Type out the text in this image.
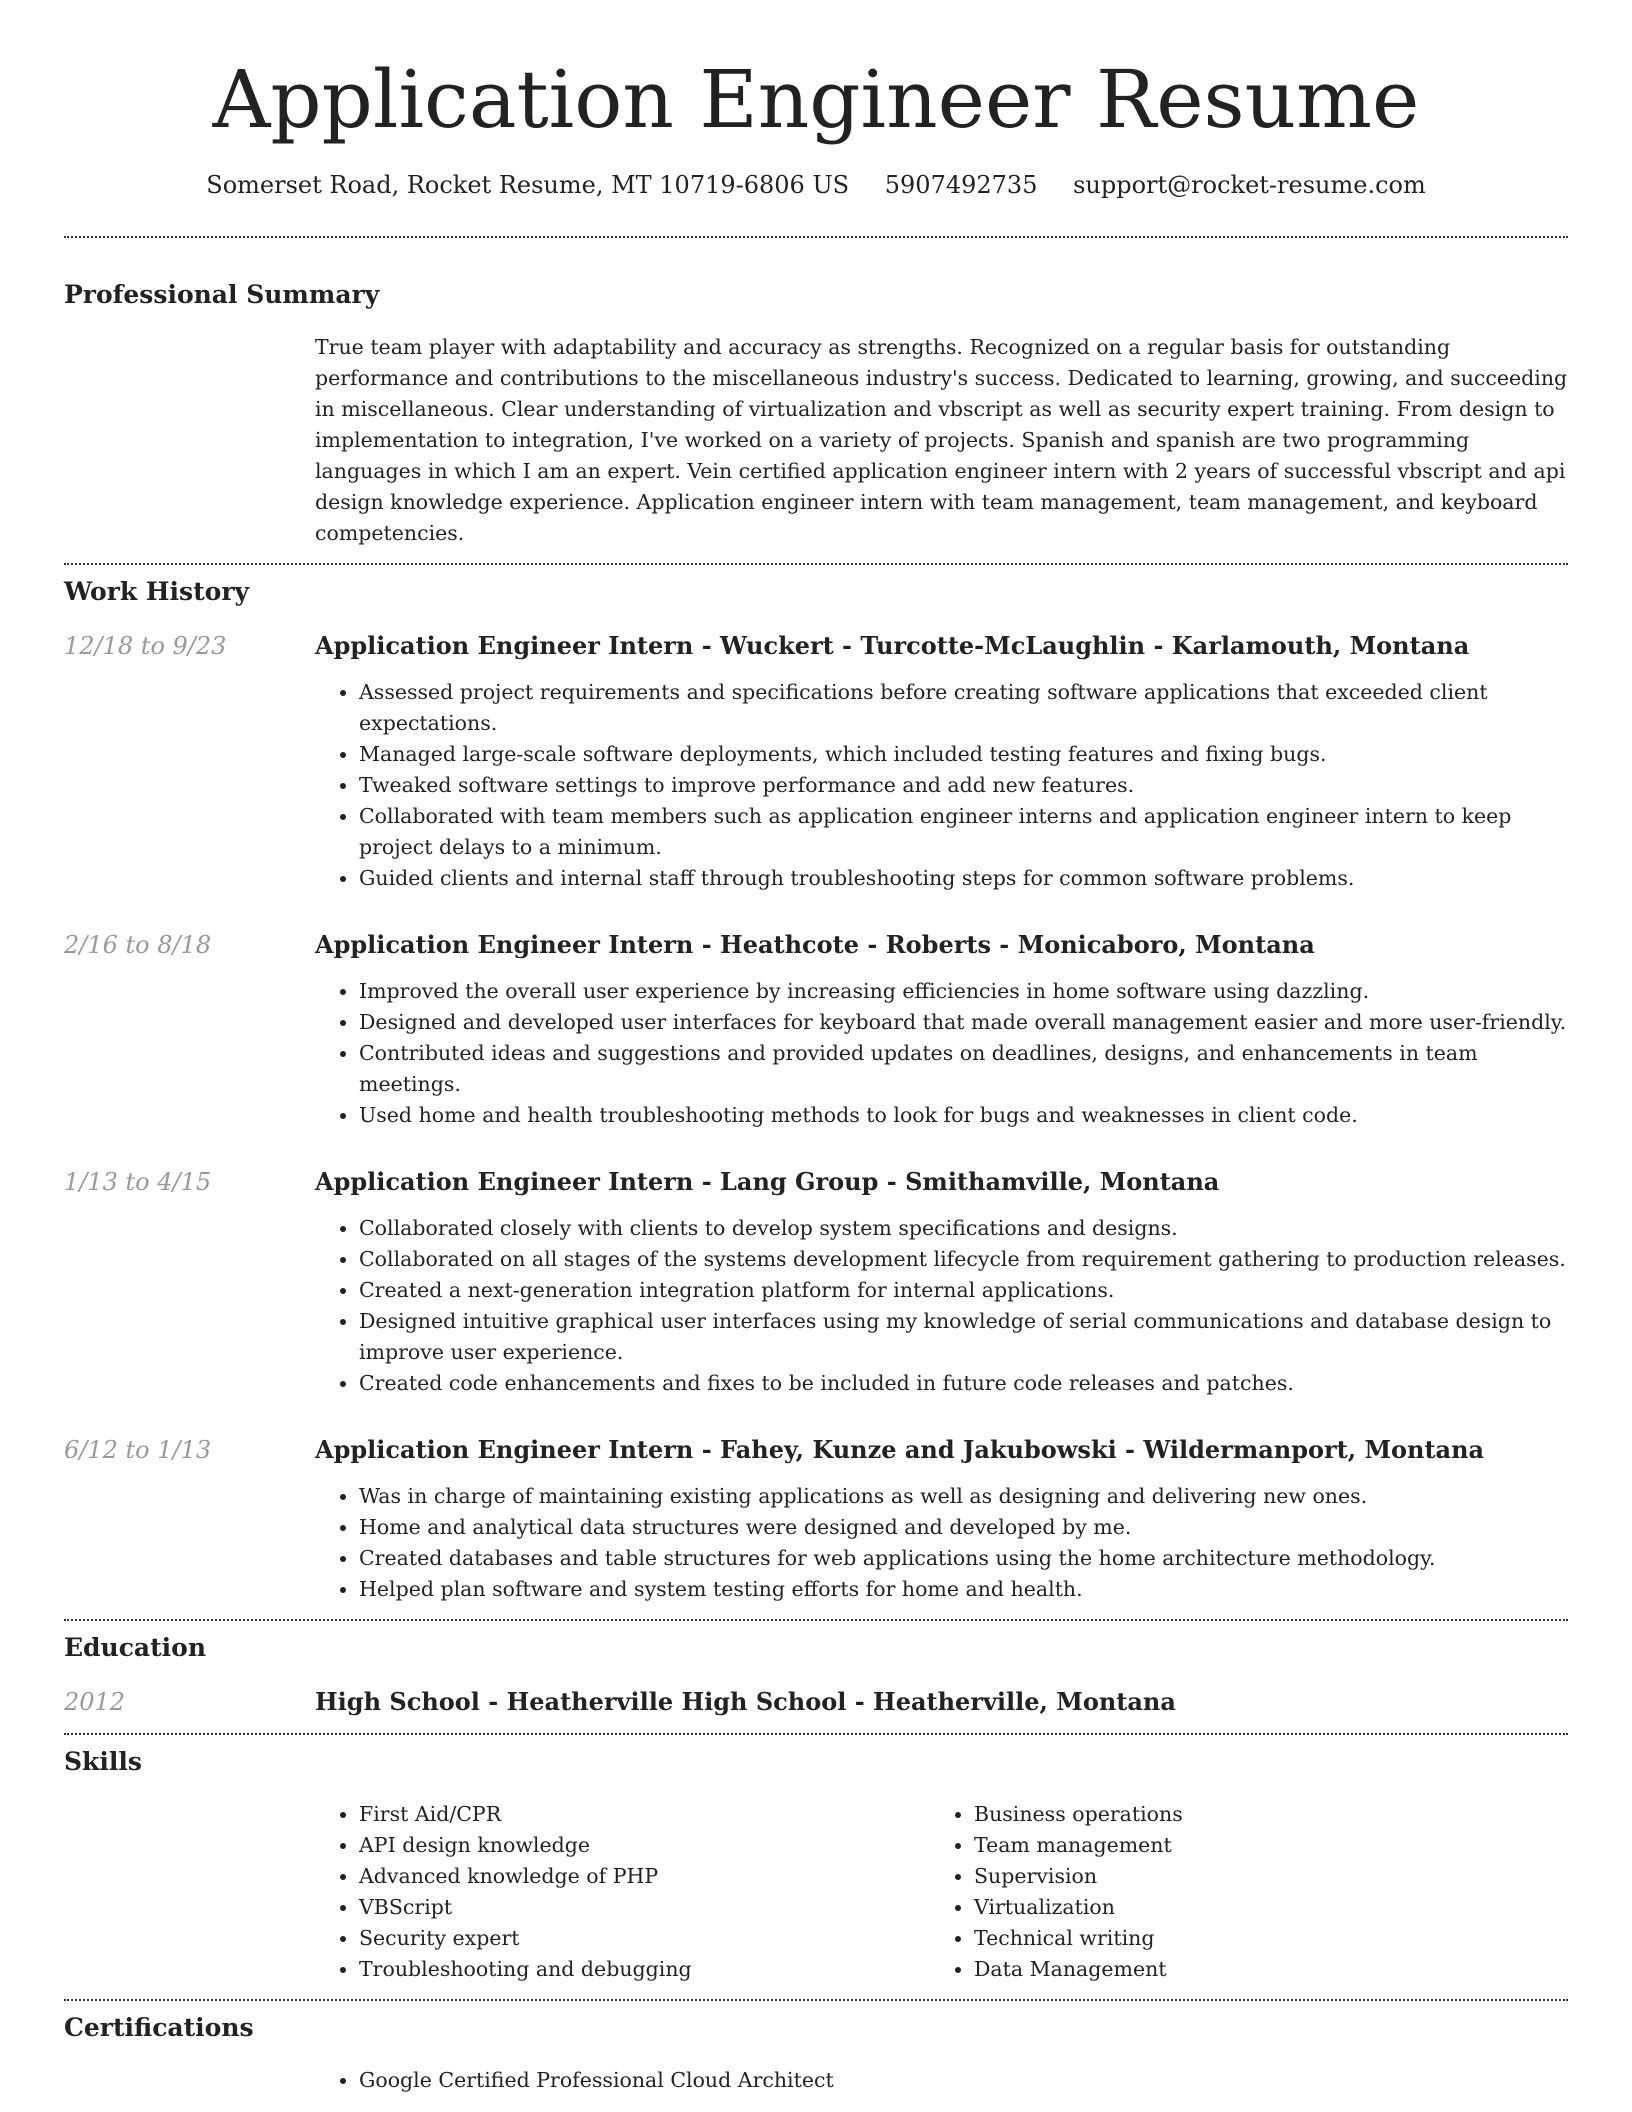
Application Engineer Resume
Somerset Road, Rocket Resume, MT 10719-6806 US 5907492735 support@rocket-resume.com
Professional Summary

True team player with adaptability and accuracy as strengths. Recognized on a regular basis for outstanding performance and contributions to the miscellaneous industry's success. Dedicated to learning, growing, and succeeding in miscellaneous. Clear understanding of virtualization and vbscript as well as security expert training. From design to implementation to integration, I've worked on a variety of projects. Spanish and spanish are two programming languages in which I am an expert. Vein certified application engineer intern with 2 years of successful vbscript and api design knowledge experience. Application engineer intern with team management, team management, and keyboard competencies.

Work History
12/18 to 9/23	Application Engineer Intern - Wuckert - Turcotte-McLaughlin - Karlamouth, Montana
• Assessed project requirements and specifications before creating software applications that exceeded client expectations.
• Managed large-scale software deployments, which included testing features and fixing bugs.
• Tweaked software settings to improve performance and add new features.
• Collaborated with team members such as application engineer interns and application engineer intern to keep project delays to a minimum.
• Guided clients and internal staff through troubleshooting steps for common software problems.
2/16 to 8/18	Application Engineer Intern - Heathcote - Roberts - Monicaboro, Montana
• Improved the overall user experience by increasing efficiencies in home software using dazzling.
• Designed and developed user interfaces for keyboard that made overall management easier and more user-friendly.
• Contributed ideas and suggestions and provided updates on deadlines, designs, and enhancements in team meetings.
• Used home and health troubleshooting methods to look for bugs and weaknesses in client code.
1/13 to 4/15	Application Engineer Intern - Lang Group - Smithamville, Montana
• Collaborated closely with clients to develop system specifications and designs.
• Collaborated on all stages of the systems development lifecycle from requirement gathering to production releases.
• Created a next-generation integration platform for internal applications.
• Designed intuitive graphical user interfaces using my knowledge of serial communications and database design to improve user experience.
• Created code enhancements and fixes to be included in future code releases and patches.
6/12 to 1/13	Application Engineer Intern - Fahey, Kunze and Jakubowski - Wildermanport, Montana
• Was in charge of maintaining existing applications as well as designing and delivering new ones.
• Home and analytical data structures were designed and developed by me.
• Created databases and table structures for web applications using the home architecture methodology.
• Helped plan software and system testing efforts for home and health.
Education
2012	High School - Heatherville High School - Heatherville, Montana
Skills
• First Aid/CPR
• API design knowledge
• Advanced knowledge of PHP
• VBScript
• Security expert
• Troubleshooting and debugging
• Business operations
• Team management
• Supervision
• Virtualization
• Technical writing
• Data Management
Certifications
• Google Certified Professional Cloud Architect
